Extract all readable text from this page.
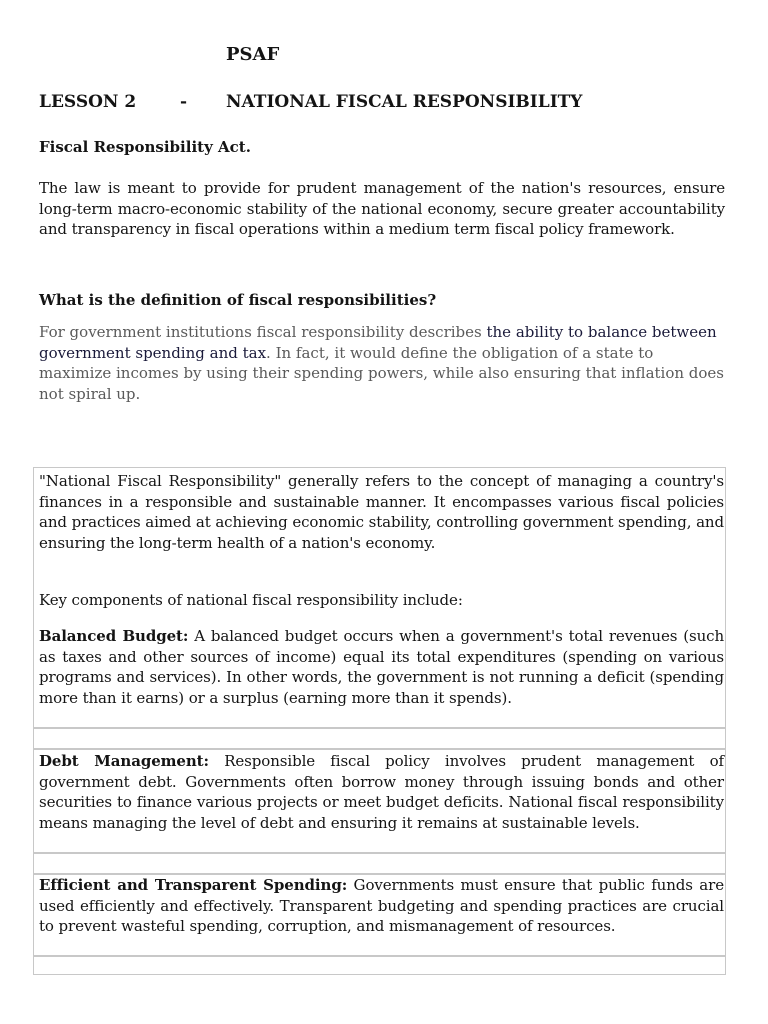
PSAF
LESSON 2	- NATIONAL FISCAL RESPONSIBILITY
Fiscal Responsibility Act.

The law is meant to provide for prudent management of the nation's resources, ensure long-term macro-economic stability of the national economy, secure greater accountability and transparency in fiscal operations within a medium term fiscal policy framework.

What is the definition of fiscal responsibilities?

For government institutions fiscal responsibility describes the ability to balance between government spending and tax. In fact, it would define the obligation of a state to maximize incomes by using their spending powers, while also ensuring that inflation does not spiral up.

"National Fiscal Responsibility" generally refers to the concept of managing a country's finances in a responsible and sustainable manner. It encompasses various fiscal policies and practices aimed at achieving economic stability, controlling government spending, and ensuring the long-term health of a nation's economy.

Key components of national fiscal responsibility include:

Balanced Budget: A balanced budget occurs when a government's total revenues (such as taxes and other sources of income) equal its total expenditures (spending on various programs and services). In other words, the government is not running a deficit (spending more than it earns) or a surplus (earning more than it spends).

Debt Management: Responsible fiscal policy involves prudent management of government debt. Governments often borrow money through issuing bonds and other securities to finance various projects or meet budget deficits. National fiscal responsibility means managing the level of debt and ensuring it remains at sustainable levels.

Efficient and Transparent Spending: Governments must ensure that public funds are used efficiently and effectively. Transparent budgeting and spending practices are crucial to prevent wasteful spending, corruption, and mismanagement of resources.
